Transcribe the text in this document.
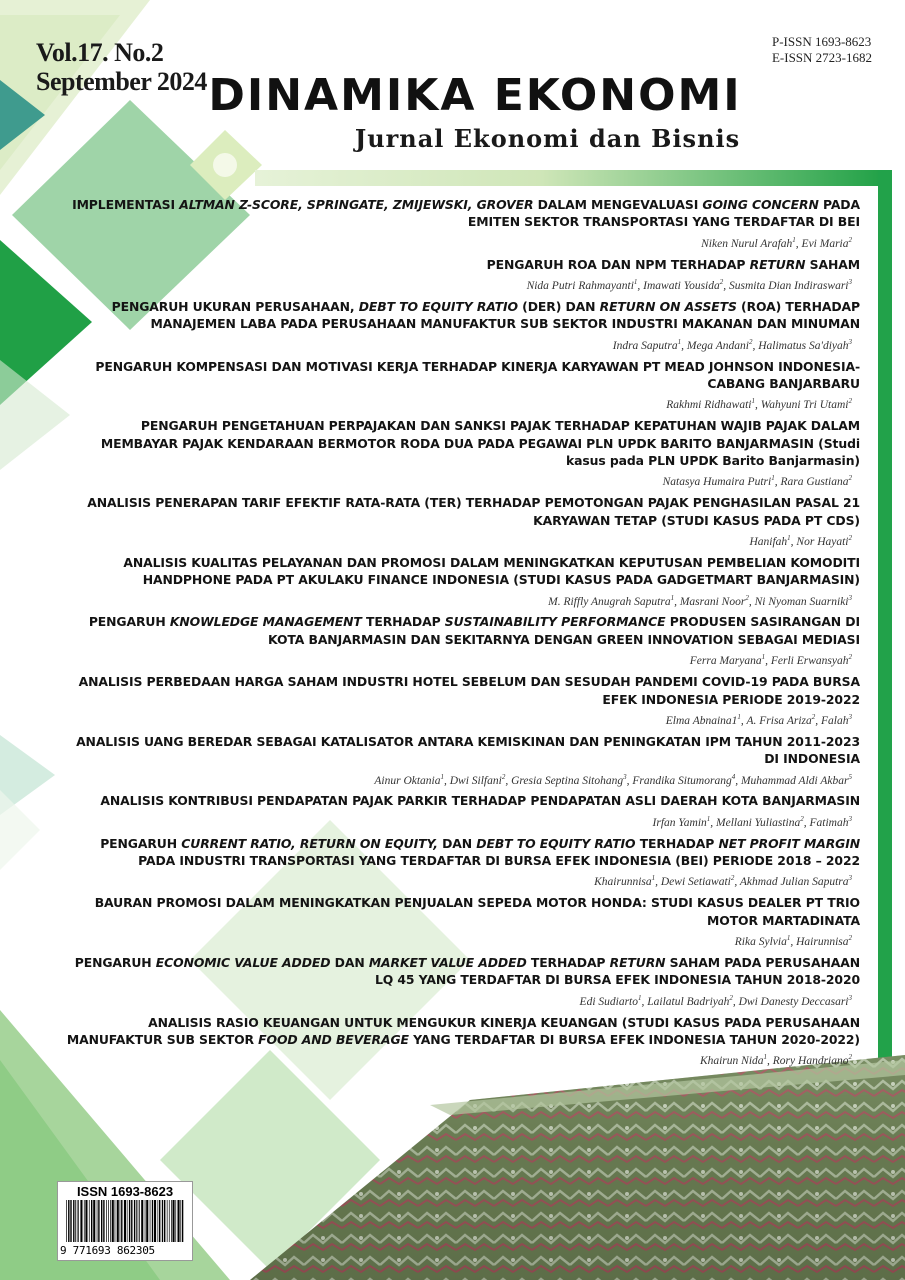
Vol.17. No.2
September 2024
P-ISSN 1693-8623
E-ISSN 2723-1682
DINAMIKA EKONOMI
Jurnal Ekonomi dan Bisnis
IMPLEMENTASI ALTMAN Z-SCORE, SPRINGATE, ZMIJEWSKI, GROVER DALAM MENGEVALUASI GOING CONCERN PADA EMITEN SEKTOR TRANSPORTASI YANG TERDAFTAR DI BEI
Niken Nurul Arafah$^1$, Evi Maria$^2$
PENGARUH ROA DAN NPM TERHADAP RETURN SAHAM
Nida Putri Rahmayanti$^1$, Imawati Yousida$^2$, Susmita Dian Indiraswari$^3$
PENGARUH UKURAN PERUSAHAAN, DEBT TO EQUITY RATIO (DER) DAN RETURN ON ASSETS (ROA) TERHADAP MANAJEMEN LABA PADA PERUSAHAAN MANUFAKTUR SUB SEKTOR INDUSTRI MAKANAN DAN MINUMAN
Indra Saputra$^1$, Mega Andani$^2$, Halimatus Sa'diyah$^3$
PENGARUH KOMPENSASI DAN MOTIVASI KERJA TERHADAP KINERJA KARYAWAN PT MEAD JOHNSON INDONESIA-CABANG BANJARBARU
Rakhmi Ridhawati$^1$, Wahyuni Tri Utami$^2$
PENGARUH PENGETAHUAN PERPAJAKAN DAN SANKSI PAJAK TERHADAP KEPATUHAN WAJIB PAJAK DALAM MEMBAYAR PAJAK KENDARAAN BERMOTOR RODA DUA PADA PEGAWAI PLN UPDK BARITO BANJARMASIN (Studi kasus pada PLN UPDK Barito Banjarmasin)
Natasya Humaira Putri$^1$, Rara Gustiana$^2$
ANALISIS PENERAPAN TARIF EFEKTIF RATA-RATA (TER) TERHADAP PEMOTONGAN PAJAK PENGHASILAN PASAL 21 KARYAWAN TETAP (STUDI KASUS PADA PT CDS)
Hanifah$^1$, Nor Hayati$^2$
ANALISIS KUALITAS PELAYANAN DAN PROMOSI DALAM MENINGKATKAN KEPUTUSAN PEMBELIAN KOMODITI HANDPHONE PADA PT AKULAKU FINANCE INDONESIA (STUDI KASUS PADA GADGETMART BANJARMASIN)
M. Riffly Anugrah Saputra$^1$, Masrani Noor$^2$, Ni Nyoman Suarniki$^3$
PENGARUH KNOWLEDGE MANAGEMENT TERHADAP SUSTAINABILITY PERFORMANCE PRODUSEN SASIRANGAN DI KOTA BANJARMASIN DAN SEKITARNYA DENGAN GREEN INNOVATION SEBAGAI MEDIASI
Ferra Maryana$^1$, Ferli Erwansyah$^2$
ANALISIS PERBEDAAN HARGA SAHAM INDUSTRI HOTEL SEBELUM DAN SESUDAH PANDEMI COVID-19 PADA BURSA EFEK INDONESIA PERIODE 2019-2022
Elma $Abnaina1^1$, A. Frisa Ariza$^2$, Falah$^3$
ANALISIS UANG BEREDAR SEBAGAI KATALISATOR ANTARA KEMISKINAN DAN PENINGKATAN IPM TAHUN 2011-2023 DI INDONESIA
Ainur Oktania$^1$, Dwi Silfani$^2$, Gresia Septina Sitohang$^3$, Frandika Situmorang$^4$, Muhammad Aldi Akbar$^5$
ANALISIS KONTRIBUSI PENDAPATAN PAJAK PARKIR TERHADAP PENDAPATAN ASLI DAERAH KOTA BANJARMASIN
Irfan Yamin$^1$, Mellani Yuliastina$^2$, Fatimah$^3$
PENGARUH CURRENT RATIO, RETURN ON EQUITY, DAN DEBT TO EQUITY RATIO TERHADAP NET PROFIT MARGIN PADA INDUSTRI TRANSPORTASI YANG TERDAFTAR DI BURSA EFEK INDONESIA (BEI) PERIODE 2018 – 2022
Khairunnisa$^1$, Dewi Setiawati$^2$, Akhmad Julian Saputra$^3$
BAURAN PROMOSI DALAM MENINGKATKAN PENJUALAN SEPEDA MOTOR HONDA: STUDI KASUS DEALER PT TRIO MOTOR MARTADINATA
Rika Sylvia$^1$, Hairunnisa$^2$
PENGARUH ECONOMIC VALUE ADDED DAN MARKET VALUE ADDED TERHADAP RETURN SAHAM PADA PERUSAHAAN LQ 45 YANG TERDAFTAR DI BURSA EFEK INDONESIA TAHUN 2018-2020
Edi Sudiarto$^1$, Lailatul Badriyah$^2$, Dwi Danesty Deccasari$^3$
ANALISIS RASIO KEUANGAN UNTUK MENGUKUR KINERJA KEUANGAN (STUDI KASUS PADA PERUSAHAAN MANUFAKTUR SUB SEKTOR FOOD AND BEVERAGE YANG TERDAFTAR DI BURSA EFEK INDONESIA TAHUN 2020-2022)
Khairun Nida$^1$, Rory Handriano$^2$
ISSN 1693-8623
9 771693 862305
